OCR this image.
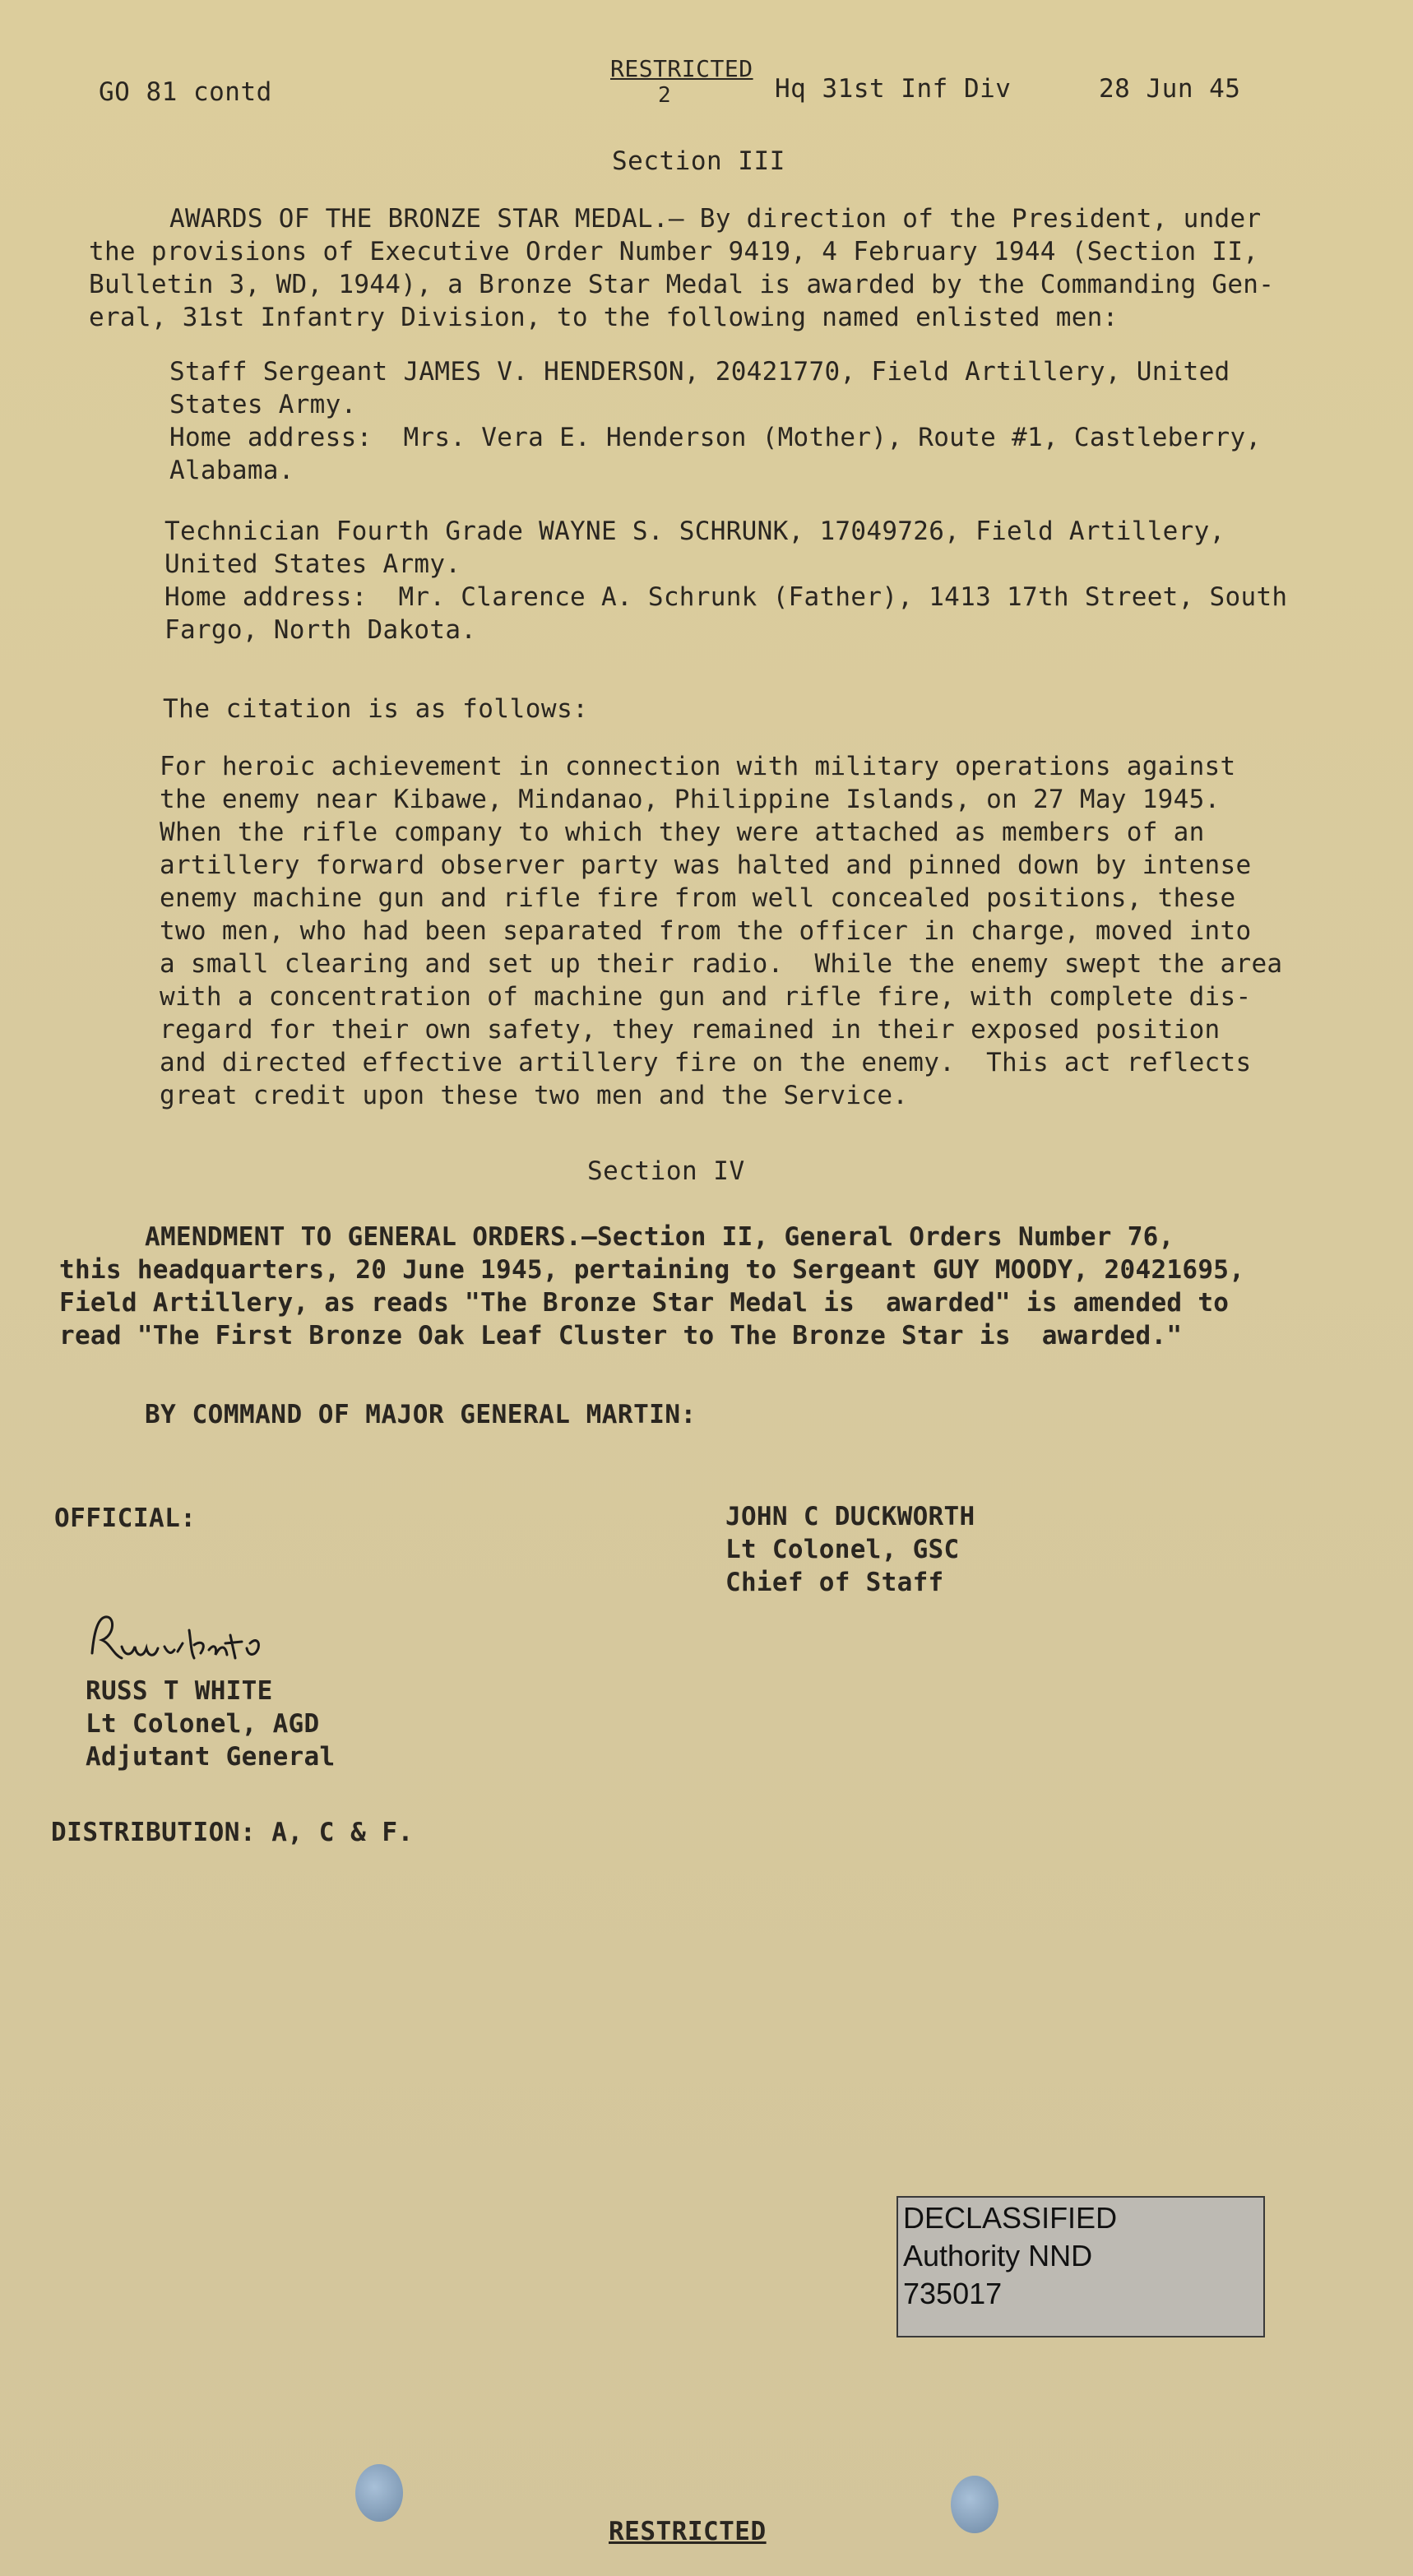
GO 81 contd
RESTRICTED
2	Hq 31st Inf Div	28 Jun 45
Section III
AWARDS OF THE BRONZE STAR MEDAL.— By direction of the President, under
the provisions of Executive Order Number 9419, 4 February 1944 (Section II,
Bulletin 3, WD, 1944), a Bronze Star Medal is awarded by the Commanding Gen-
eral, 31st Infantry Division, to the following named enlisted men:
Staff Sergeant JAMES V. HENDERSON, 20421770, Field Artillery, United
States Army.
Home address:  Mrs. Vera E. Henderson (Mother), Route #1, Castleberry,
Alabama.
Technician Fourth Grade WAYNE S. SCHRUNK, 17049726, Field Artillery,
United States Army.
Home address:  Mr. Clarence A. Schrunk (Father), 1413 17th Street, South
Fargo, North Dakota.
The citation is as follows:
For heroic achievement in connection with military operations against
the enemy near Kibawe, Mindanao, Philippine Islands, on 27 May 1945.
When the rifle company to which they were attached as members of an
artillery forward observer party was halted and pinned down by intense
enemy machine gun and rifle fire from well concealed positions, these
two men, who had been separated from the officer in charge, moved into
a small clearing and set up their radio.  While the enemy swept the area
with a concentration of machine gun and rifle fire, with complete dis-
regard for their own safety, they remained in their exposed position
and directed effective artillery fire on the enemy.  This act reflects
great credit upon these two men and the Service.
Section IV
AMENDMENT TO GENERAL ORDERS.—Section II, General Orders Number 76,
this headquarters, 20 June 1945, pertaining to Sergeant GUY MOODY, 20421695,
Field Artillery, as reads "The Bronze Star Medal is  awarded" is amended to
read "The First Bronze Oak Leaf Cluster to The Bronze Star is  awarded."
BY COMMAND OF MAJOR GENERAL MARTIN:
OFFICIAL:	JOHN C DUCKWORTH
Lt Colonel, GSC
Chief of Staff
RUSS T WHITE
Lt Colonel, AGD
Adjutant General
DISTRIBUTION: A, C & F.
DECLASSIFIED
Authority NND
735017
RESTRICTED
